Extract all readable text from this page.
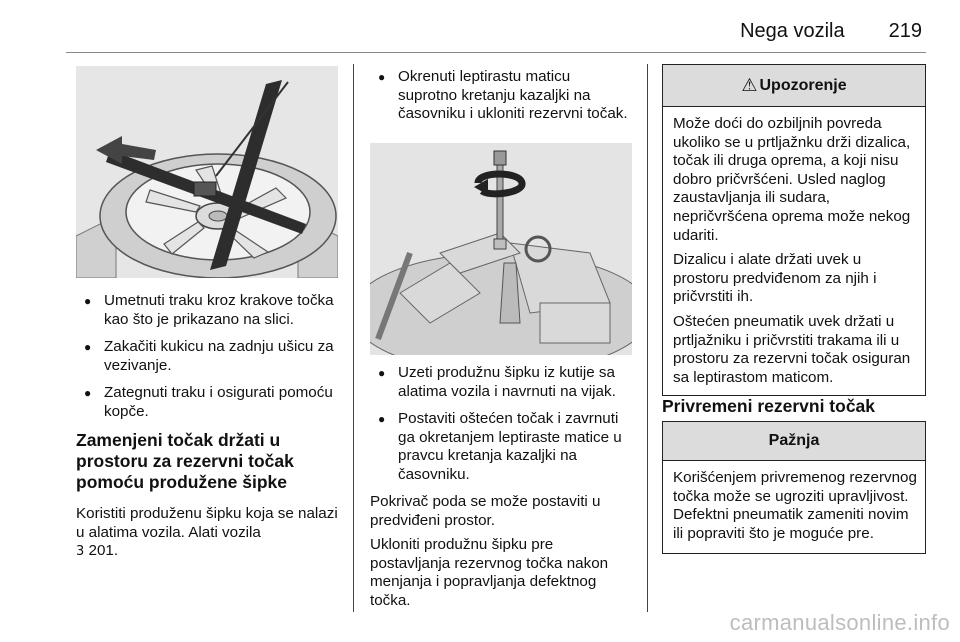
Nega vozila 219
● Umetnuti traku kroz krakove točka kao što je prikazano na slici.
● Zakačiti kukicu na zadnju ušicu za vezivanje.
● Zategnuti traku i osigurati pomoću kopče.
Zamenjeni točak držati u prostoru za rezervni točak pomoću produžene šipke

Koristiti produženu šipku koja se nalazi u alatima vozila. Alati vozila
3 201.

● Okrenuti leptirastu maticu suprotno kretanju kazaljki na časovniku i ukloniti rezervni točak.
● Uzeti produžnu šipku iz kutije sa alatima vozila i navrnuti na vijak.
● Postaviti oštećen točak i zavrnuti ga okretanjem leptiraste matice u pravcu kretanja kazaljki na časovniku.

Pokrivač poda se može postaviti u predviđeni prostor.

Ukloniti produžnu šipku pre postavljanja rezervnog točka nakon menjanja i popravljanja defektnog točka.

⚠ Upozorenje

Može doći do ozbiljnih povreda ukoliko se u prtljažnku drži dizalica, točak ili druga oprema, a koji nisu dobro pričvršćeni. Usled naglog zaustavljanja ili sudara, nepričvršćena oprema može nekog udariti.

Dizalicu i alate držati uvek u prostoru predviđenom za njih i pričvrstiti ih.

Oštećen pneumatik uvek držati u prtljažniku i pričvrstiti trakama ili u prostoru za rezervni točak osiguran sa leptirastom maticom.

Privremeni rezervni točak
Pažnja

Korišćenjem privremenog rezervnog točka može se ugroziti upravljivost. Defektni pneumatik zameniti novim ili popraviti što je moguće pre.

carmanualsonline.info
